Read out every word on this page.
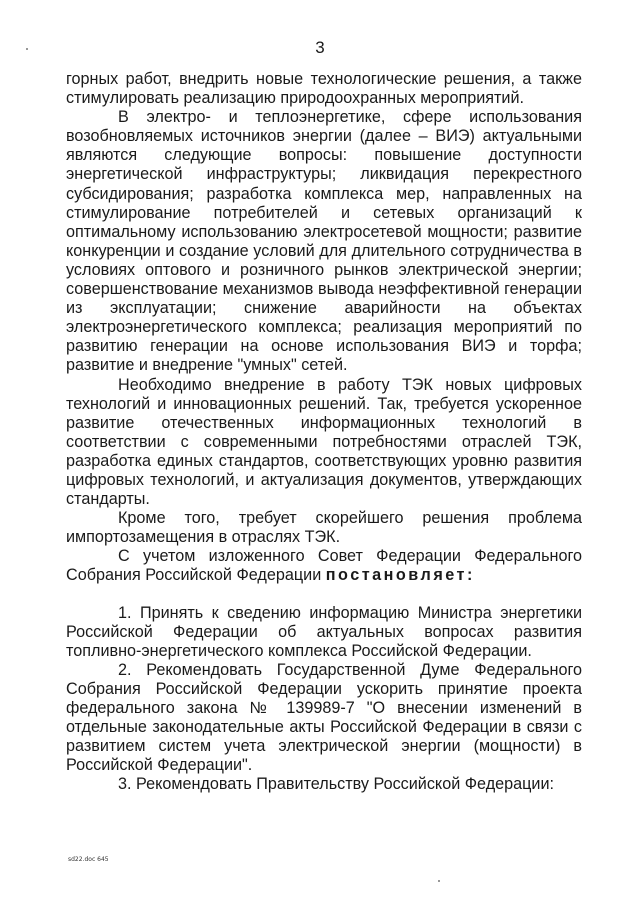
3

горных работ, внедрить новые технологические решения, а также стимулировать реализацию природоохранных мероприятий.

В электро- и теплоэнергетике, сфере использования возобновляемых источников энергии (далее – ВИЭ) актуальными являются следующие вопросы: повышение доступности энергетической инфраструктуры; ликвидация перекрестного субсидирования; разработка комплекса мер, направленных на стимулирование потребителей и сетевых организаций к оптимальному использованию электросетевой мощности; развитие конкуренции и создание условий для длительного сотрудничества в условиях оптового и розничного рынков электрической энергии; совершенствование механизмов вывода неэффективной генерации из эксплуатации; снижение аварийности на объектах электроэнергетического комплекса; реализация мероприятий по развитию генерации на основе использования ВИЭ и торфа; развитие и внедрение "умных" сетей.

Необходимо внедрение в работу ТЭК новых цифровых технологий и инновационных решений. Так, требуется ускоренное развитие отечественных информационных технологий в соответствии с современными потребностями отраслей ТЭК, разработка единых стандартов, соответствующих уровню развития цифровых технологий, и актуализация документов, утверждающих стандарты.

Кроме того, требует скорейшего решения проблема импортозамещения в отраслях ТЭК.

С учетом изложенного Совет Федерации Федерального Собрания Российской Федерации постановляет:

1. Принять к сведению информацию Министра энергетики Российской Федерации об актуальных вопросах развития топливно-энергетического комплекса Российской Федерации.

2. Рекомендовать Государственной Думе Федерального Собрания Российской Федерации ускорить принятие проекта федерального закона № 139989-7 "О внесении изменений в отдельные законодательные акты Российской Федерации в связи с развитием систем учета электрической энергии (мощности) в Российской Федерации".

3. Рекомендовать Правительству Российской Федерации:

sd22.doc 645
